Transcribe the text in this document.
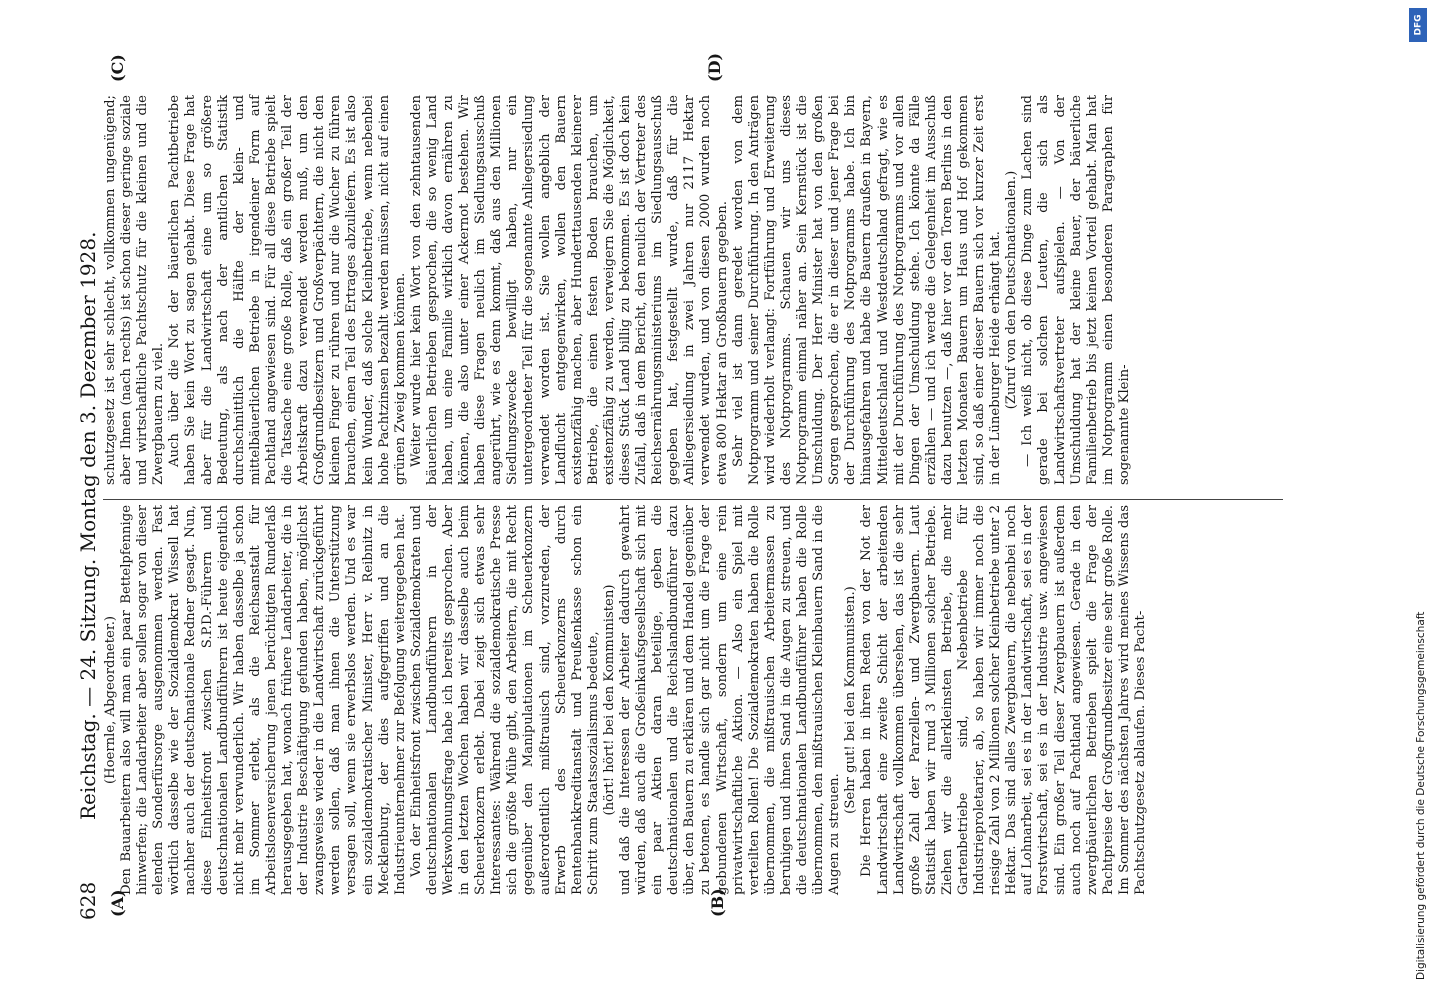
628
Reichstag. — 24. Sitzung. Montag den 3. Dezember 1928.
(A)	(B)
(C)	(D)

(Hoernle, Abgeordneter.) Den Bauarbeitern also will man ein paar Bettelpfennige hinwerfen; die Landarbeiter aber sollen sogar von dieser elenden Sonderfürsorge ausgenommen werden. Fast wörtlich dasselbe wie der Sozialdemokrat Wissell hat nachher auch der deutschnationale Redner gesagt. Nun, diese Einheitsfront zwischen S.P.D.-Führern und deutschnationalen Landbundführern ist heute eigentlich nicht mehr verwunderlich. Wir haben dasselbe ja schon im Sommer erlebt, als die Reichsanstalt für Arbeitslosenversicherung jenen berüchtigten Runderlaß herausgegeben hat, wonach frühere Landarbeiter, die in der Industrie Beschäftigung gefunden haben, möglichst zwangsweise wieder in die Landwirtschaft zurückgeführt werden sollen, daß man ihnen die Unterstützung versagen soll, wenn sie erwerbslos werden. Und es war ein sozialdemokratischer Minister, Herr v. Reibnitz in Mecklenburg, der dies aufgegriffen und an die Industrieunternehmer zur Befolgung weitergegeben hat. Von der Einheitsfront zwischen Sozialdemokraten und deutschnationalen Landbundführern in der Werkswohnungsfrage habe ich bereits gesprochen. Aber in den letzten Wochen haben wir dasselbe auch beim Scheuerkonzern erlebt. Dabei zeigt sich etwas sehr Interessantes: Während die sozialdemokratische Presse sich die größte Mühe gibt, den Arbeitern, die mit Recht gegenüber den Manipulationen im Scheuerkonzern außerordentlich mißtrauisch sind, vorzureden, der Erwerb des Scheuerkonzerns durch Rentenbankkreditanstalt und Preußenkasse schon ein Schritt zum Staatssozialismus bedeute, (hört! hört! bei den Kommunisten) und daß die Interessen der Arbeiter dadurch gewahrt würden, daß auch die Großeinkaufsgesellschaft sich mit ein paar Aktien daran beteilige, geben die deutschnationalen und die Reichslandbundführer dazu über, den Bauern zu erklären und dem Handel gegenüber zu betonen, es handle sich gar nicht um die Frage der gebundenen Wirtschaft, sondern um eine rein privatwirtschaftliche Aktion. — Also ein Spiel mit verteilten Rollen! Die Sozialdemokraten haben die Rolle übernommen, die mißtrauischen Arbeitermassen zu beruhigen und ihnen Sand in die Augen zu streuen, und die deutschnationalen Landbundführer haben die Rolle übernommen, den mißtrauischen Kleinbauern Sand in die Augen zu streuen.

(Sehr gut! bei den Kommunisten.) Die Herren haben in ihren Reden von der Not der Landwirtschaft eine zweite Schicht der arbeitenden Landwirtschaft vollkommen übersehen, das ist die sehr große Zahl der Parzellen- und Zwergbauern. Laut Statistik haben wir rund 3 Millionen solcher Betriebe. Ziehen wir die allerkleinsten Betriebe, die mehr Gartenbetriebe sind, Nebenbetriebe für Industrieproletarier, ab, so haben wir immer noch die riesige Zahl von 2 Millionen solcher Kleinbetriebe unter 2 Hektar. Das sind alles Zwergbauern, die nebenbei noch auf Lohnarbeit, sei es in der Landwirtschaft, sei es in der Forstwirtschaft, sei es in der Industrie usw. angewiesen sind. Ein großer Teil dieser Zwergbauern ist außerdem auch noch auf Pachtland angewiesen. Gerade in den zwergbäuerlichen Betrieben spielt die Frage der Pachtpreise der Großgrundbesitzer eine sehr große Rolle. Im Sommer des nächsten Jahres wird meines Wissens das Pachtschutzgesetz ablaufen. Dieses Pacht-

schutzgesetz ist sehr schlecht, vollkommen ungenügend; aber Ihnen (nach rechts) ist schon dieser geringe soziale und wirtschaftliche Pachtschutz für die kleinen und die Zwergbauern zu viel. Auch über die Not der bäuerlichen Pachtbetriebe haben Sie kein Wort zu sagen gehabt. Diese Frage hat aber für die Landwirtschaft eine um so größere Bedeutung, als nach der amtlichen Statistik durchschnittlich die Hälfte der klein- und mittelbäuerlichen Betriebe in irgendeiner Form auf Pachtland angewiesen sind. Für all diese Betriebe spielt die Tatsache eine große Rolle, daß ein großer Teil der Arbeitskraft dazu verwendet werden muß, um den Großgrundbesitzern und Großverpächtern, die nicht den kleinen Finger zu rühren und nur die Wucher zu führen brauchen, einen Teil des Ertrages abzuliefern. Es ist also kein Wunder, daß solche Kleinbetriebe, wenn nebenbei hohe Pachtzinsen bezahlt werden müssen, nicht auf einen grünen Zweig kommen können. Weiter wurde hier kein Wort von den zehntausenden bäuerlichen Betrieben gesprochen, die so wenig Land haben, um eine Familie wirklich davon ernähren zu können, die also unter einer Ackernot bestehen. Wir haben diese Fragen neulich im Siedlungsausschuß angerührt, wie es denn kommt, daß aus den Millionen Siedlungszwecke bewilligt haben, nur ein untergeordneter Teil für die sogenannte Anliegersiedlung verwendet worden ist. Sie wollen angeblich der Landflucht entgegenwirken, wollen den Bauern existenzfähig machen, aber Hunderttausenden kleinerer Betriebe, die einen festen Boden brauchen, um existenzfähig zu werden, verweigern Sie die Möglichkeit, dieses Stück Land billig zu bekommen. Es ist doch kein Zufall, daß in dem Bericht, den neulich der Vertreter des Reichsernährungsministeriums im Siedlungsausschuß gegeben hat, festgestellt wurde, daß für die Anliegersiedlung in zwei Jahren nur 2117 Hektar verwendet wurden, und von diesen 2000 wurden noch etwa 800 Hektar an Großbauern gegeben. Sehr viel ist dann geredet worden von dem Notprogramm und seiner Durchführung. In den Anträgen wird wiederholt verlangt: Fortführung und Erweiterung des Notprogramms. Schauen wir uns dieses Notprogramm einmal näher an. Sein Kernstück ist die Umschuldung. Der Herr Minister hat von den großen Sorgen gesprochen, die er in dieser und jener Frage bei der Durchführung des Notprogramms habe. Ich bin hinausgefahren und habe die Bauern draußen in Bayern, Mitteldeutschland und Westdeutschland gefragt, wie es mit der Durchführung des Notprogramms und vor allen Dingen der Umschuldung stehe. Ich könnte da Fälle erzählen — und ich werde die Gelegenheit im Ausschuß dazu benutzen —, daß hier vor den Toren Berlins in den letzten Monaten Bauern um Haus und Hof gekommen sind, so daß einer dieser Bauern sich vor kurzer Zeit erst in der Lüneburger Heide erhängt hat. (Zuruf von den Deutschnationalen.) — Ich weiß nicht, ob diese Dinge zum Lachen sind gerade bei solchen Leuten, die sich als Landwirtschaftsvertreter aufspielen. — Von der Umschuldung hat der kleine Bauer, der bäuerliche Familienbetrieb bis jetzt keinen Vorteil gehabt. Man hat im Notprogramm einen besonderen Paragraphen für sogenannte Klein-

DFG
Digitalisierung gefördert durch die Deutsche Forschungsgemeinschaft
